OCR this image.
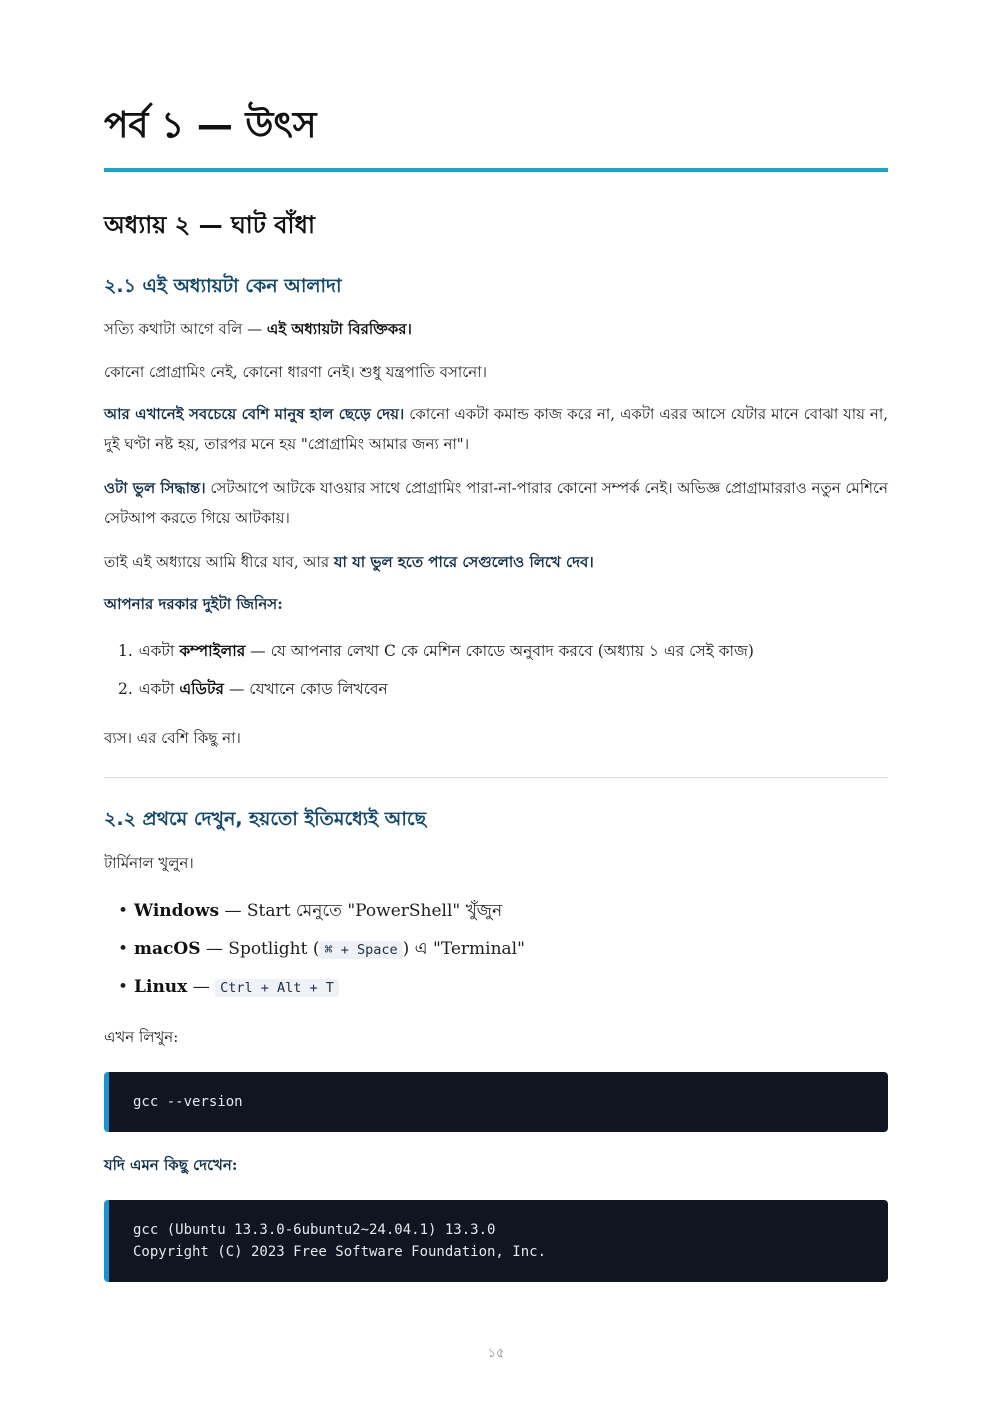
পর্ব ১ — উৎস
অধ্যায় ২ — ঘাট বাঁধা
২.১ এই অধ্যায়টা কেন আলাদা

সত্যি কথাটা আগে বলি — এই অধ্যায়টা বিরক্তিকর।

কোনো প্রোগ্রামিং নেই, কোনো ধারণা নেই। শুধু যন্ত্রপাতি বসানো।

আর এখানেই সবচেয়ে বেশি মানুষ হাল ছেড়ে দেয়। কোনো একটা কমান্ড কাজ করে না, একটা এরর আসে যেটার মানে বোঝা যায় না, দুই ঘণ্টা নষ্ট হয়, তারপর মনে হয় "প্রোগ্রামিং আমার জন্য না"।

ওটা ভুল সিদ্ধান্ত। সেটআপে আটকে যাওয়ার সাথে প্রোগ্রামিং পারা-না-পারার কোনো সম্পর্ক নেই। অভিজ্ঞ প্রোগ্রামাররাও নতুন মেশিনে সেটআপ করতে গিয়ে আটকায়।

তাই এই অধ্যায়ে আমি ধীরে যাব, আর যা যা ভুল হতে পারে সেগুলোও লিখে দেব।

আপনার দরকার দুইটা জিনিস:

1. একটা কম্পাইলার — যে আপনার লেখা C কে মেশিন কোডে অনুবাদ করবে (অধ্যায় ১ এর সেই কাজ)
2. একটা এডিটর — যেখানে কোড লিখবেন

ব্যস। এর বেশি কিছু না।

২.২ প্রথমে দেখুন, হয়তো ইতিমধ্যেই আছে

টার্মিনাল খুলুন।

• Windows — Start মেনুতে "PowerShell" খুঁজুন
• macOS — Spotlight ( ⌘ + Space ) এ "Terminal"
• Linux — Ctrl + Alt + T

এখন লিখুন:

gcc --version

যদি এমন কিছু দেখেন:

gcc (Ubuntu 13.3.0-6ubuntu2~24.04.1) 13.3.0
Copyright (C) 2023 Free Software Foundation, Inc.
১৫
